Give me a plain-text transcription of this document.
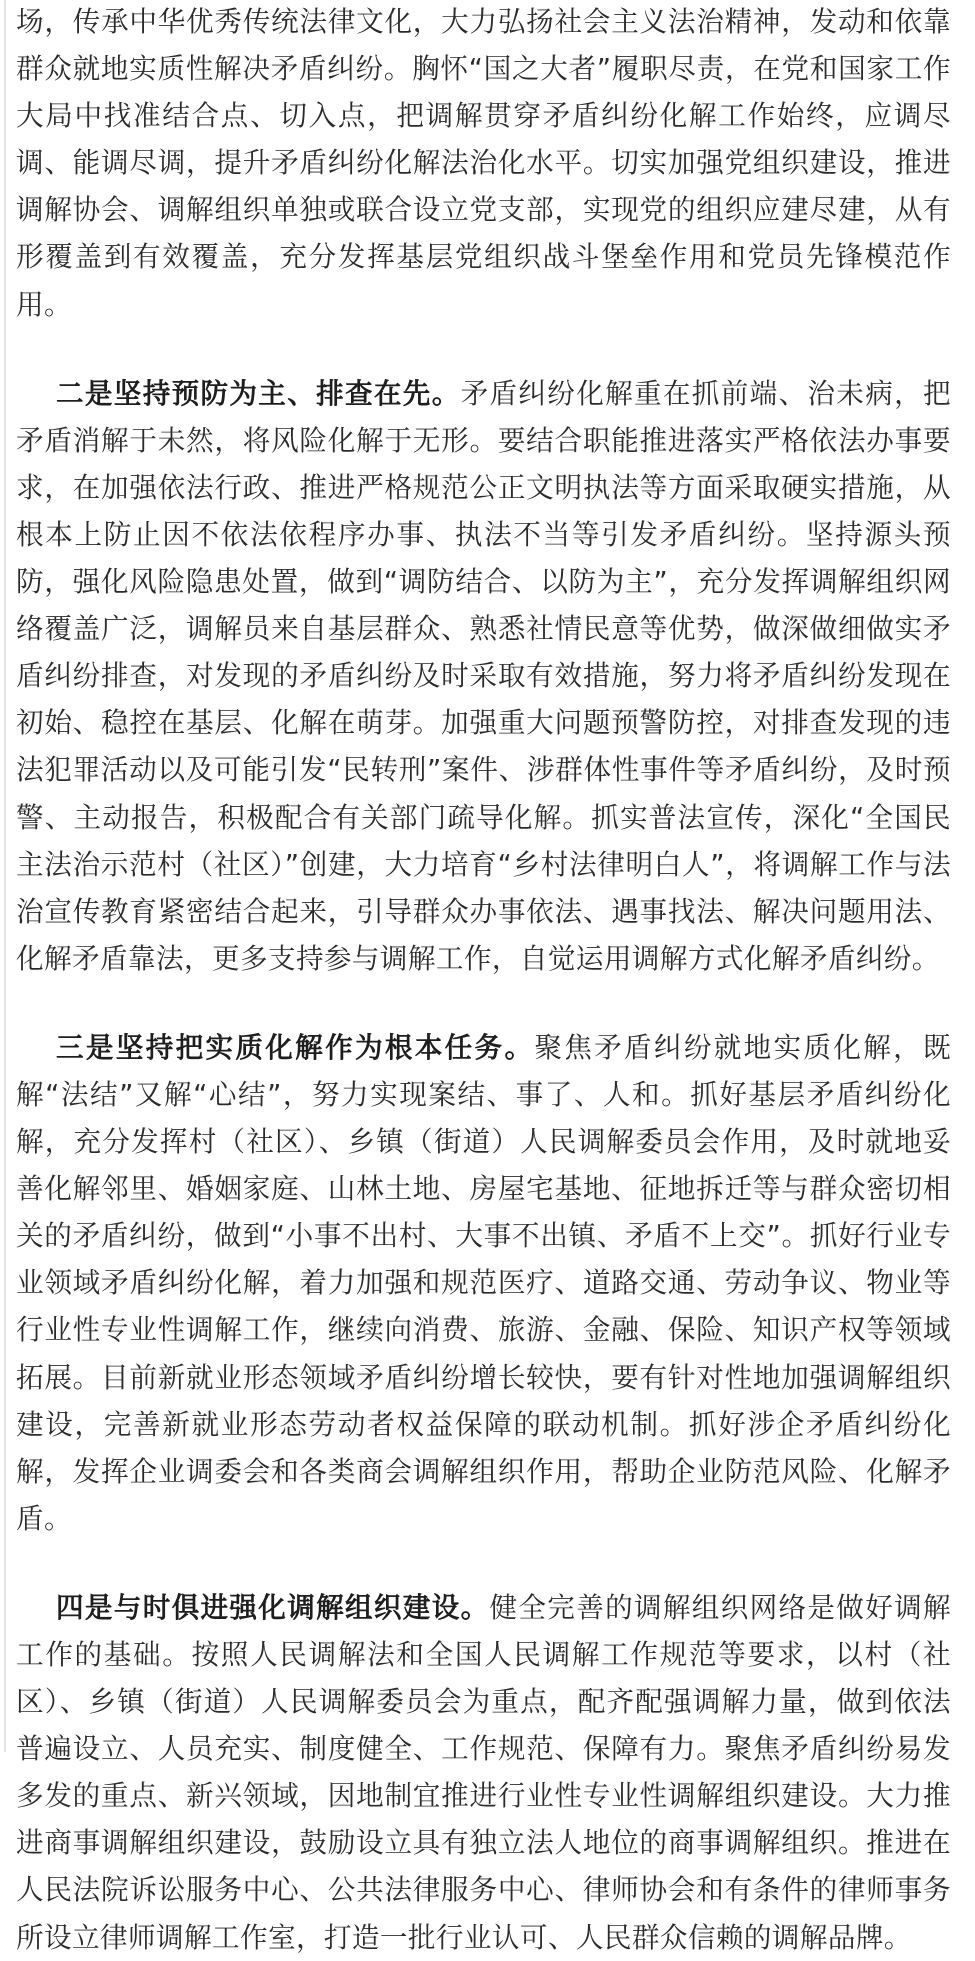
场，传承中华优秀传统法律文化，大力弘扬社会主义法治精神，发动和依靠群众就地实质性解决矛盾纠纷。胸怀“国之大者”履职尽责，在党和国家工作大局中找准结合点、切入点，把调解贯穿矛盾纠纷化解工作始终，应调尽调、能调尽调，提升矛盾纠纷化解法治化水平。切实加强党组织建设，推进调解协会、调解组织单独或联合设立党支部，实现党的组织应建尽建，从有形覆盖到有效覆盖，充分发挥基层党组织战斗堡垒作用和党员先锋模范作用。

二是坚持预防为主、排查在先。矛盾纠纷化解重在抓前端、治未病，把矛盾消解于未然，将风险化解于无形。要结合职能推进落实严格依法办事要求，在加强依法行政、推进严格规范公正文明执法等方面采取硬实措施，从根本上防止因不依法依程序办事、执法不当等引发矛盾纠纷。坚持源头预防，强化风险隐患处置，做到“调防结合、以防为主”，充分发挥调解组织网络覆盖广泛，调解员来自基层群众、熟悉社情民意等优势，做深做细做实矛盾纠纷排查，对发现的矛盾纠纷及时采取有效措施，努力将矛盾纠纷发现在初始、稳控在基层、化解在萌芽。加强重大问题预警防控，对排查发现的违法犯罪活动以及可能引发“民转刑”案件、涉群体性事件等矛盾纠纷，及时预警、主动报告，积极配合有关部门疏导化解。抓实普法宣传，深化“全国民主法治示范村（社区）”创建，大力培育“乡村法律明白人”，将调解工作与法治宣传教育紧密结合起来，引导群众办事依法、遇事找法、解决问题用法、化解矛盾靠法，更多支持参与调解工作，自觉运用调解方式化解矛盾纠纷。

三是坚持把实质化解作为根本任务。聚焦矛盾纠纷就地实质化解，既解“法结”又解“心结”，努力实现案结、事了、人和。抓好基层矛盾纠纷化解，充分发挥村（社区）、乡镇（街道）人民调解委员会作用，及时就地妥善化解邻里、婚姻家庭、山林土地、房屋宅基地、征地拆迁等与群众密切相关的矛盾纠纷，做到“小事不出村、大事不出镇、矛盾不上交”。抓好行业专业领域矛盾纠纷化解，着力加强和规范医疗、道路交通、劳动争议、物业等行业性专业性调解工作，继续向消费、旅游、金融、保险、知识产权等领域拓展。目前新就业形态领域矛盾纠纷增长较快，要有针对性地加强调解组织建设，完善新就业形态劳动者权益保障的联动机制。抓好涉企矛盾纠纷化解，发挥企业调委会和各类商会调解组织作用，帮助企业防范风险、化解矛盾。

四是与时俱进强化调解组织建设。健全完善的调解组织网络是做好调解工作的基础。按照人民调解法和全国人民调解工作规范等要求，以村（社区）、乡镇（街道）人民调解委员会为重点，配齐配强调解力量，做到依法普遍设立、人员充实、制度健全、工作规范、保障有力。聚焦矛盾纠纷易发多发的重点、新兴领域，因地制宜推进行业性专业性调解组织建设。大力推进商事调解组织建设，鼓励设立具有独立法人地位的商事调解组织。推进在人民法院诉讼服务中心、公共法律服务中心、律师协会和有条件的律师事务所设立律师调解工作室，打造一批行业认可、人民群众信赖的调解品牌。
